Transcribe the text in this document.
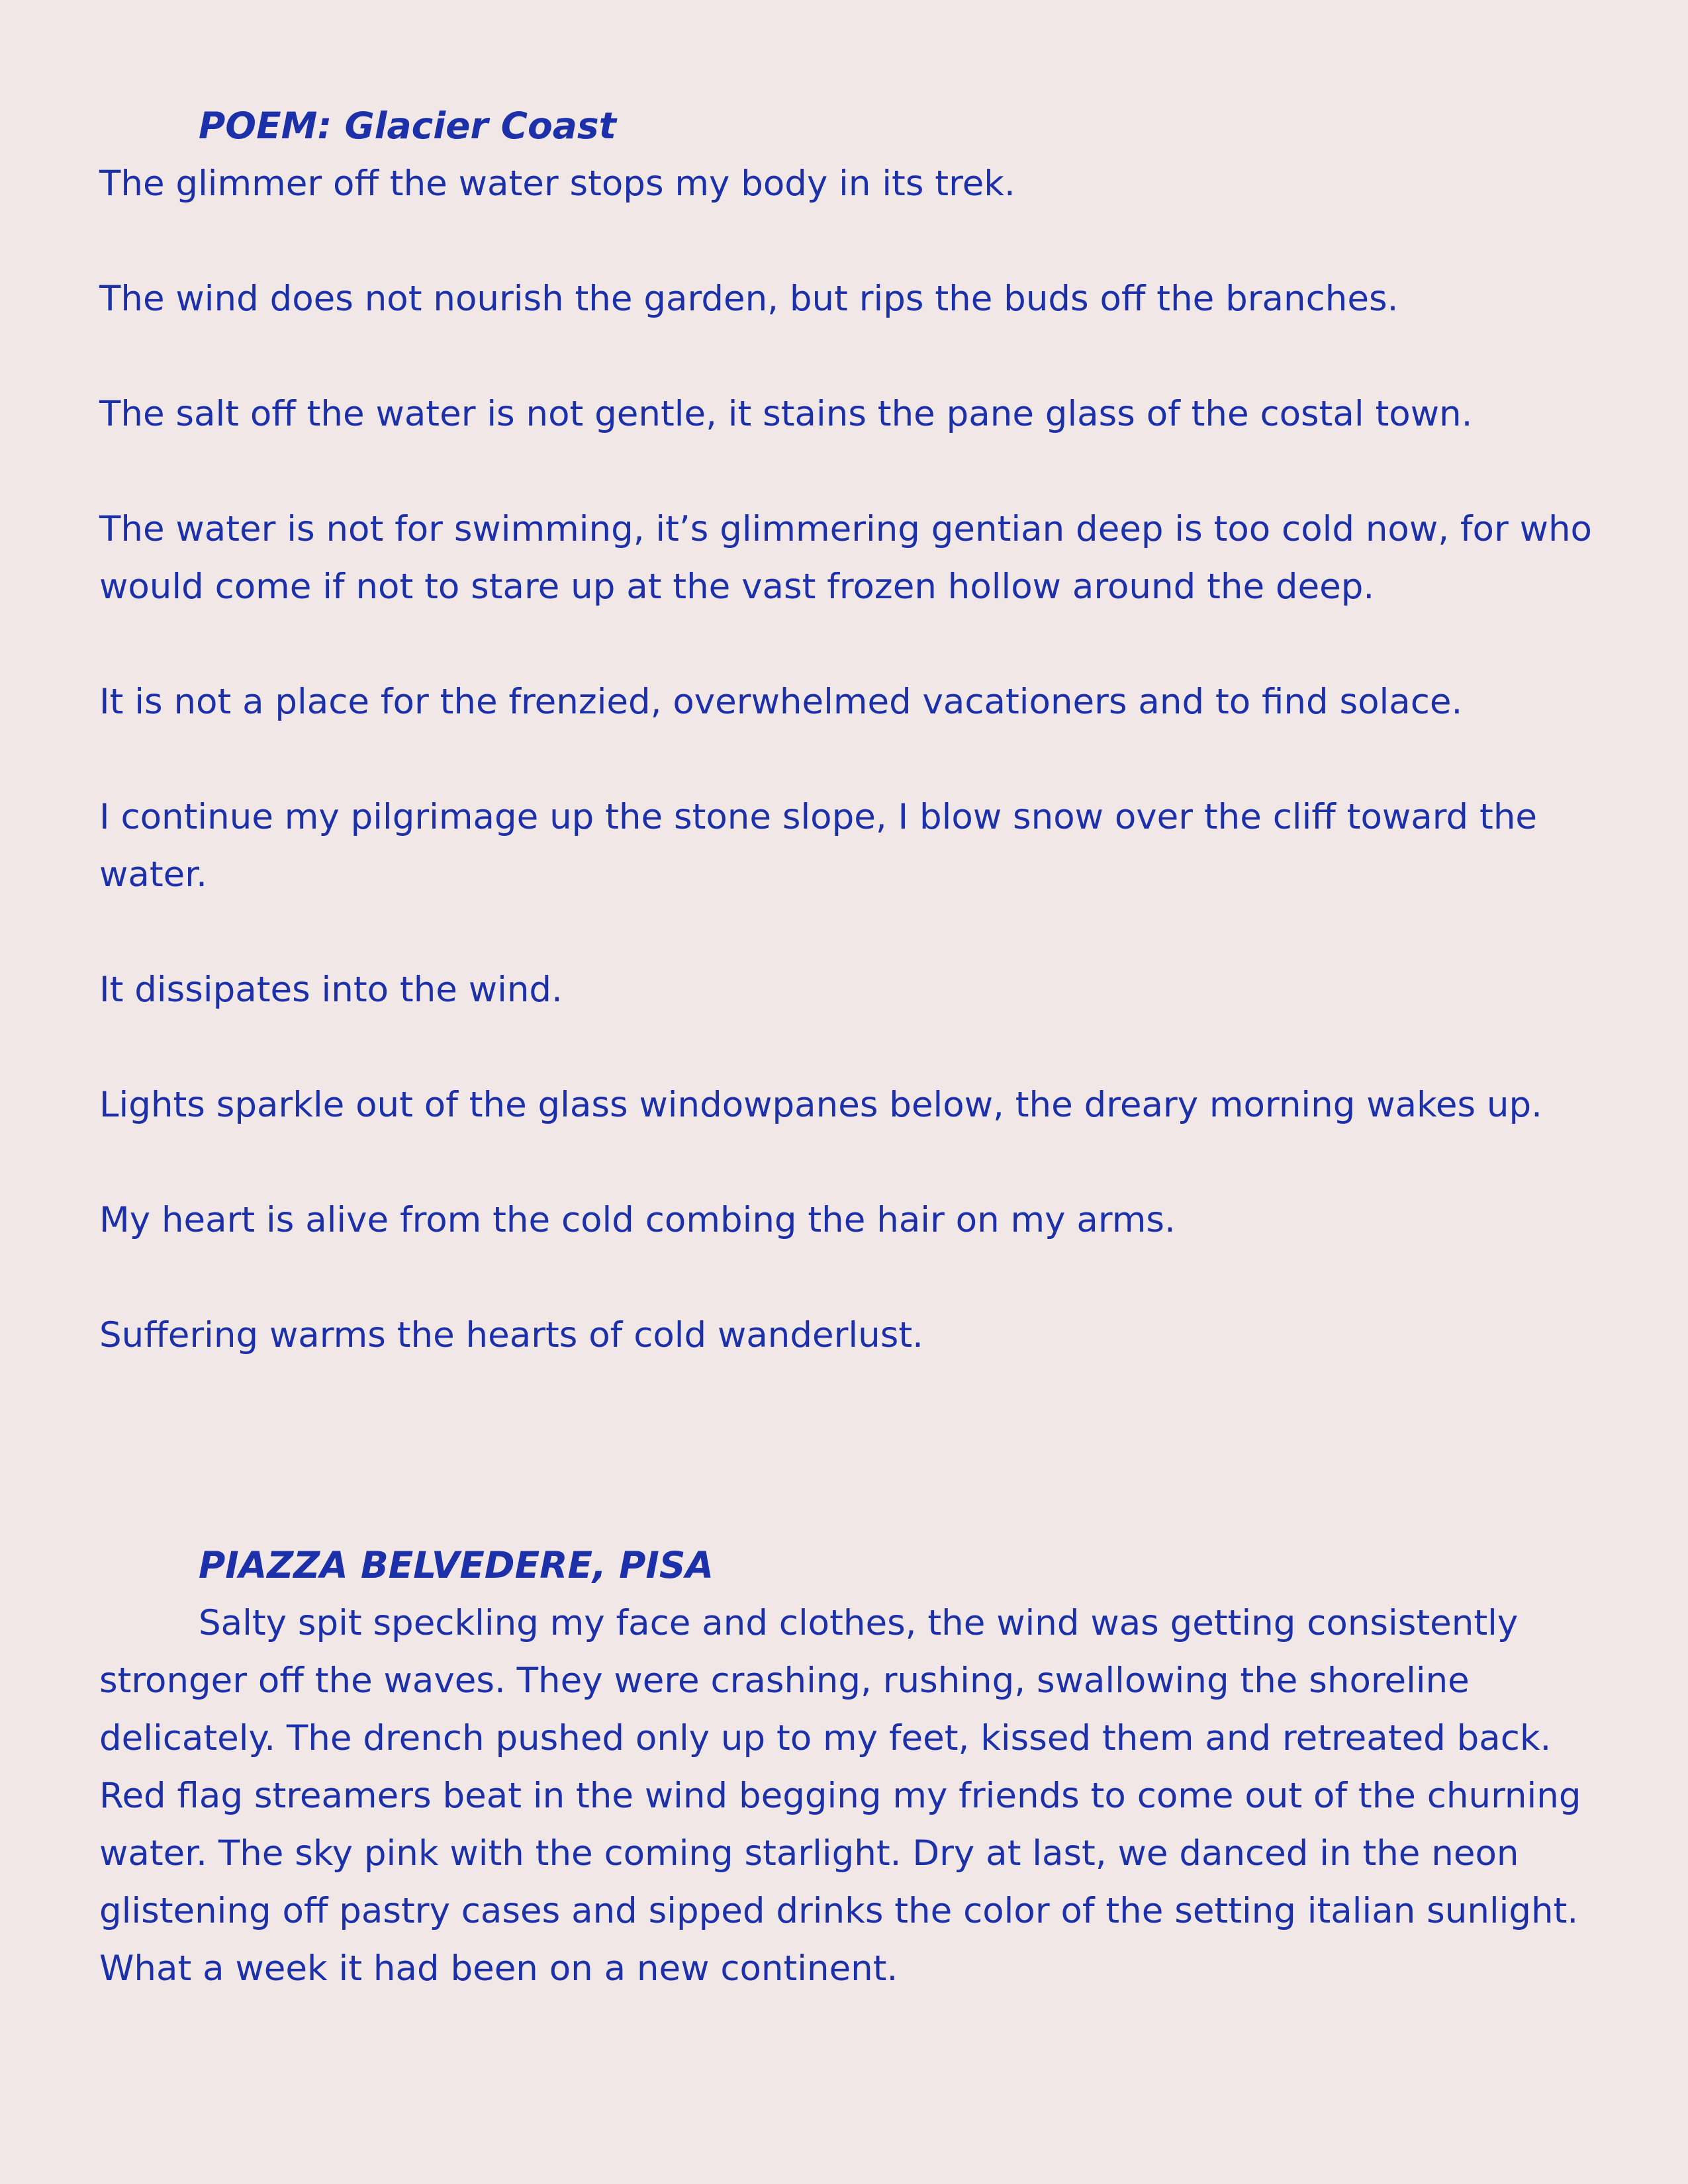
POEM: Glacier Coast

The glimmer off the water stops my body in its trek.

The wind does not nourish the garden, but rips the buds off the branches.

The salt off the water is not gentle, it stains the pane glass of the costal town.

The water is not for swimming, it’s glimmering gentian deep is too cold now, for who would come if not to stare up at the vast frozen hollow around the deep.

It is not a place for the frenzied, overwhelmed vacationers and to find solace.

I continue my pilgrimage up the stone slope, I blow snow over the cliff toward the water.

It dissipates into the wind.

Lights sparkle out of the glass windowpanes below, the dreary morning wakes up.

My heart is alive from the cold combing the hair on my arms.

Suffering warms the hearts of cold wanderlust.

PIAZZA BELVEDERE, PISA

Salty spit speckling my face and clothes, the wind was getting consistently stronger off the waves. They were crashing, rushing, swallowing the shoreline delicately. The drench pushed only up to my feet, kissed them and retreated back. Red flag streamers beat in the wind begging my friends to come out of the churning water. The sky pink with the coming starlight. Dry at last, we danced in the neon glistening off pastry cases and sipped drinks the color of the setting italian sunlight. What a week it had been on a new continent.
